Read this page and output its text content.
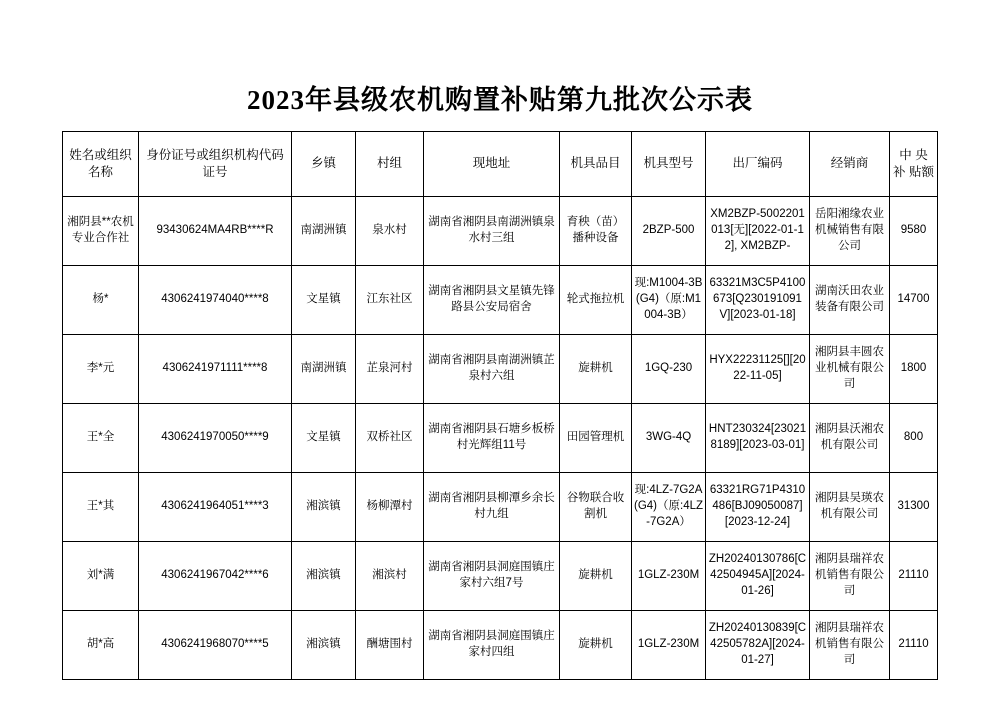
2023年县级农机购置补贴第九批次公示表
姓名或组织名称	身份证号或组织机构代码证号	乡镇	村组	现地址	机具品目	机具型号	出厂编码	经销商	中 央 补 贴额
湘阴县**农机专业合作社	93430624MA4RB****R	南湖洲镇	泉水村	湖南省湘阴县南湖洲镇泉水村三组	育秧（苗）播种设备	2BZP-500	XM2BZP-5002201013[无][2022-01-12], XM2BZP-	岳阳湘缘农业机械销售有限公司	9580
杨*	4306241974040****8	文星镇	江东社区	湖南省湘阴县文星镇先锋路县公安局宿舍	轮式拖拉机	现:M1004-3B(G4)（原:M1004-3B）	63321M3C5P4100673[Q230191091V][2023-01-18]	湖南沃田农业装备有限公司	14700
李*元	4306241971111****8	南湖洲镇	芷泉河村	湖南省湘阴县南湖洲镇芷泉村六组	旋耕机	1GQ-230	HYX22231125[][2022-11-05]	湘阴县丰圆农业机械有限公司	1800
王*全	4306241970050****9	文星镇	双桥社区	湖南省湘阴县石塘乡板桥村光辉组11号	田园管理机	3WG-4Q	HNT230324[230218189][2023-03-01]	湘阴县沃湘农机有限公司	800
王*其	4306241964051****3	湘滨镇	杨柳潭村	湖南省湘阴县柳潭乡余长村九组	谷物联合收割机	现:4LZ-7G2A (G4)（原:4LZ-7G2A）	63321RG71P4310486[BJ09050087][2023-12-24]	湘阴县吴瑛农机有限公司	31300
刘*满	4306241967042****6	湘滨镇	湘滨村	湖南省湘阴县洞庭围镇庄家村六组7号	旋耕机	1GLZ-230M	ZH20240130786[C42504945A][2024-01-26]	湘阴县瑞祥农机销售有限公司	21110
胡*高	4306241968070****5	湘滨镇	酬塘围村	湖南省湘阴县洞庭围镇庄家村四组	旋耕机	1GLZ-230M	ZH20240130839[C42505782A][2024-01-27]	湘阴县瑞祥农机销售有限公司	21110
